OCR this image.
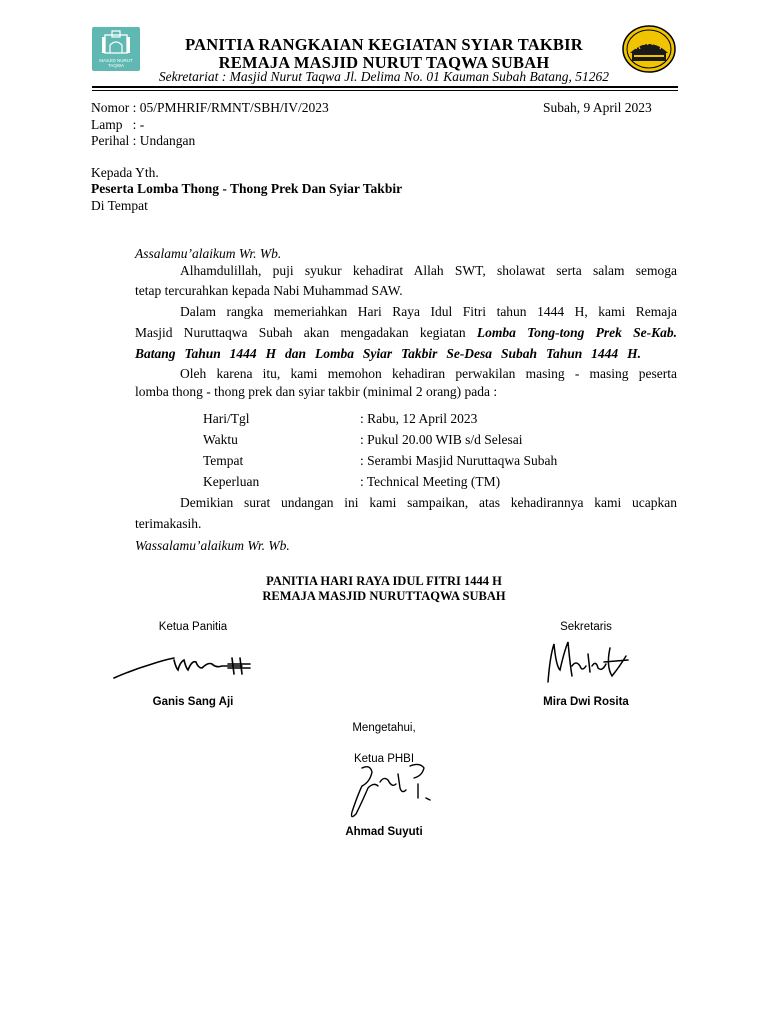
MASJID NURUT TAQWA
PANITIA RANGKAIAN KEGIATAN SYIAR TAKBIR
REMAJA MASJID NURUT TAQWA SUBAH
Sekretariat : Masjid Nurut Taqwa Jl. Delima No. 01 Kauman Subah Batang, 51262
Nomor : 05/PMHRIF/RMNT/SBH/IV/2023	Subah, 9 April 2023
Lamp   : -
Perihal : Undangan
Kepada Yth.
Peserta Lomba Thong - Thong Prek Dan Syiar Takbir
Di Tempat
Assalamu’alaikum Wr. Wb.
Alhamdulillah, puji syukur kehadirat Allah SWT, sholawat serta salam semoga
tetap tercurahkan kepada Nabi Muhammad SAW.
Dalam rangka memeriahkan Hari Raya Idul Fitri tahun 1444 H, kami Remaja
Masjid Nuruttaqwa Subah akan mengadakan kegiatan Lomba Tong-tong Prek Se-Kab.
Batang Tahun 1444 H dan Lomba Syiar Takbir Se-Desa Subah Tahun 1444 H.
Oleh karena itu, kami memohon kehadiran perwakilan masing - masing peserta
lomba thong - thong prek dan syiar takbir (minimal 2 orang) pada :
Hari/Tgl	: Rabu, 12 April 2023
Waktu	: Pukul 20.00 WIB s/d Selesai
Tempat	: Serambi Masjid Nuruttaqwa Subah
Keperluan	: Technical Meeting (TM)
Demikian surat undangan ini kami sampaikan, atas kehadirannya kami ucapkan
terimakasih.
Wassalamu’alaikum Wr. Wb.
PANITIA HARI RAYA IDUL FITRI 1444 H
REMAJA MASJID NURUTTAQWA SUBAH
Ketua Panitia
Ganis Sang Aji
Sekretaris
Mira Dwi Rosita
Mengetahui,
Ketua PHBI
Ahmad Suyuti
